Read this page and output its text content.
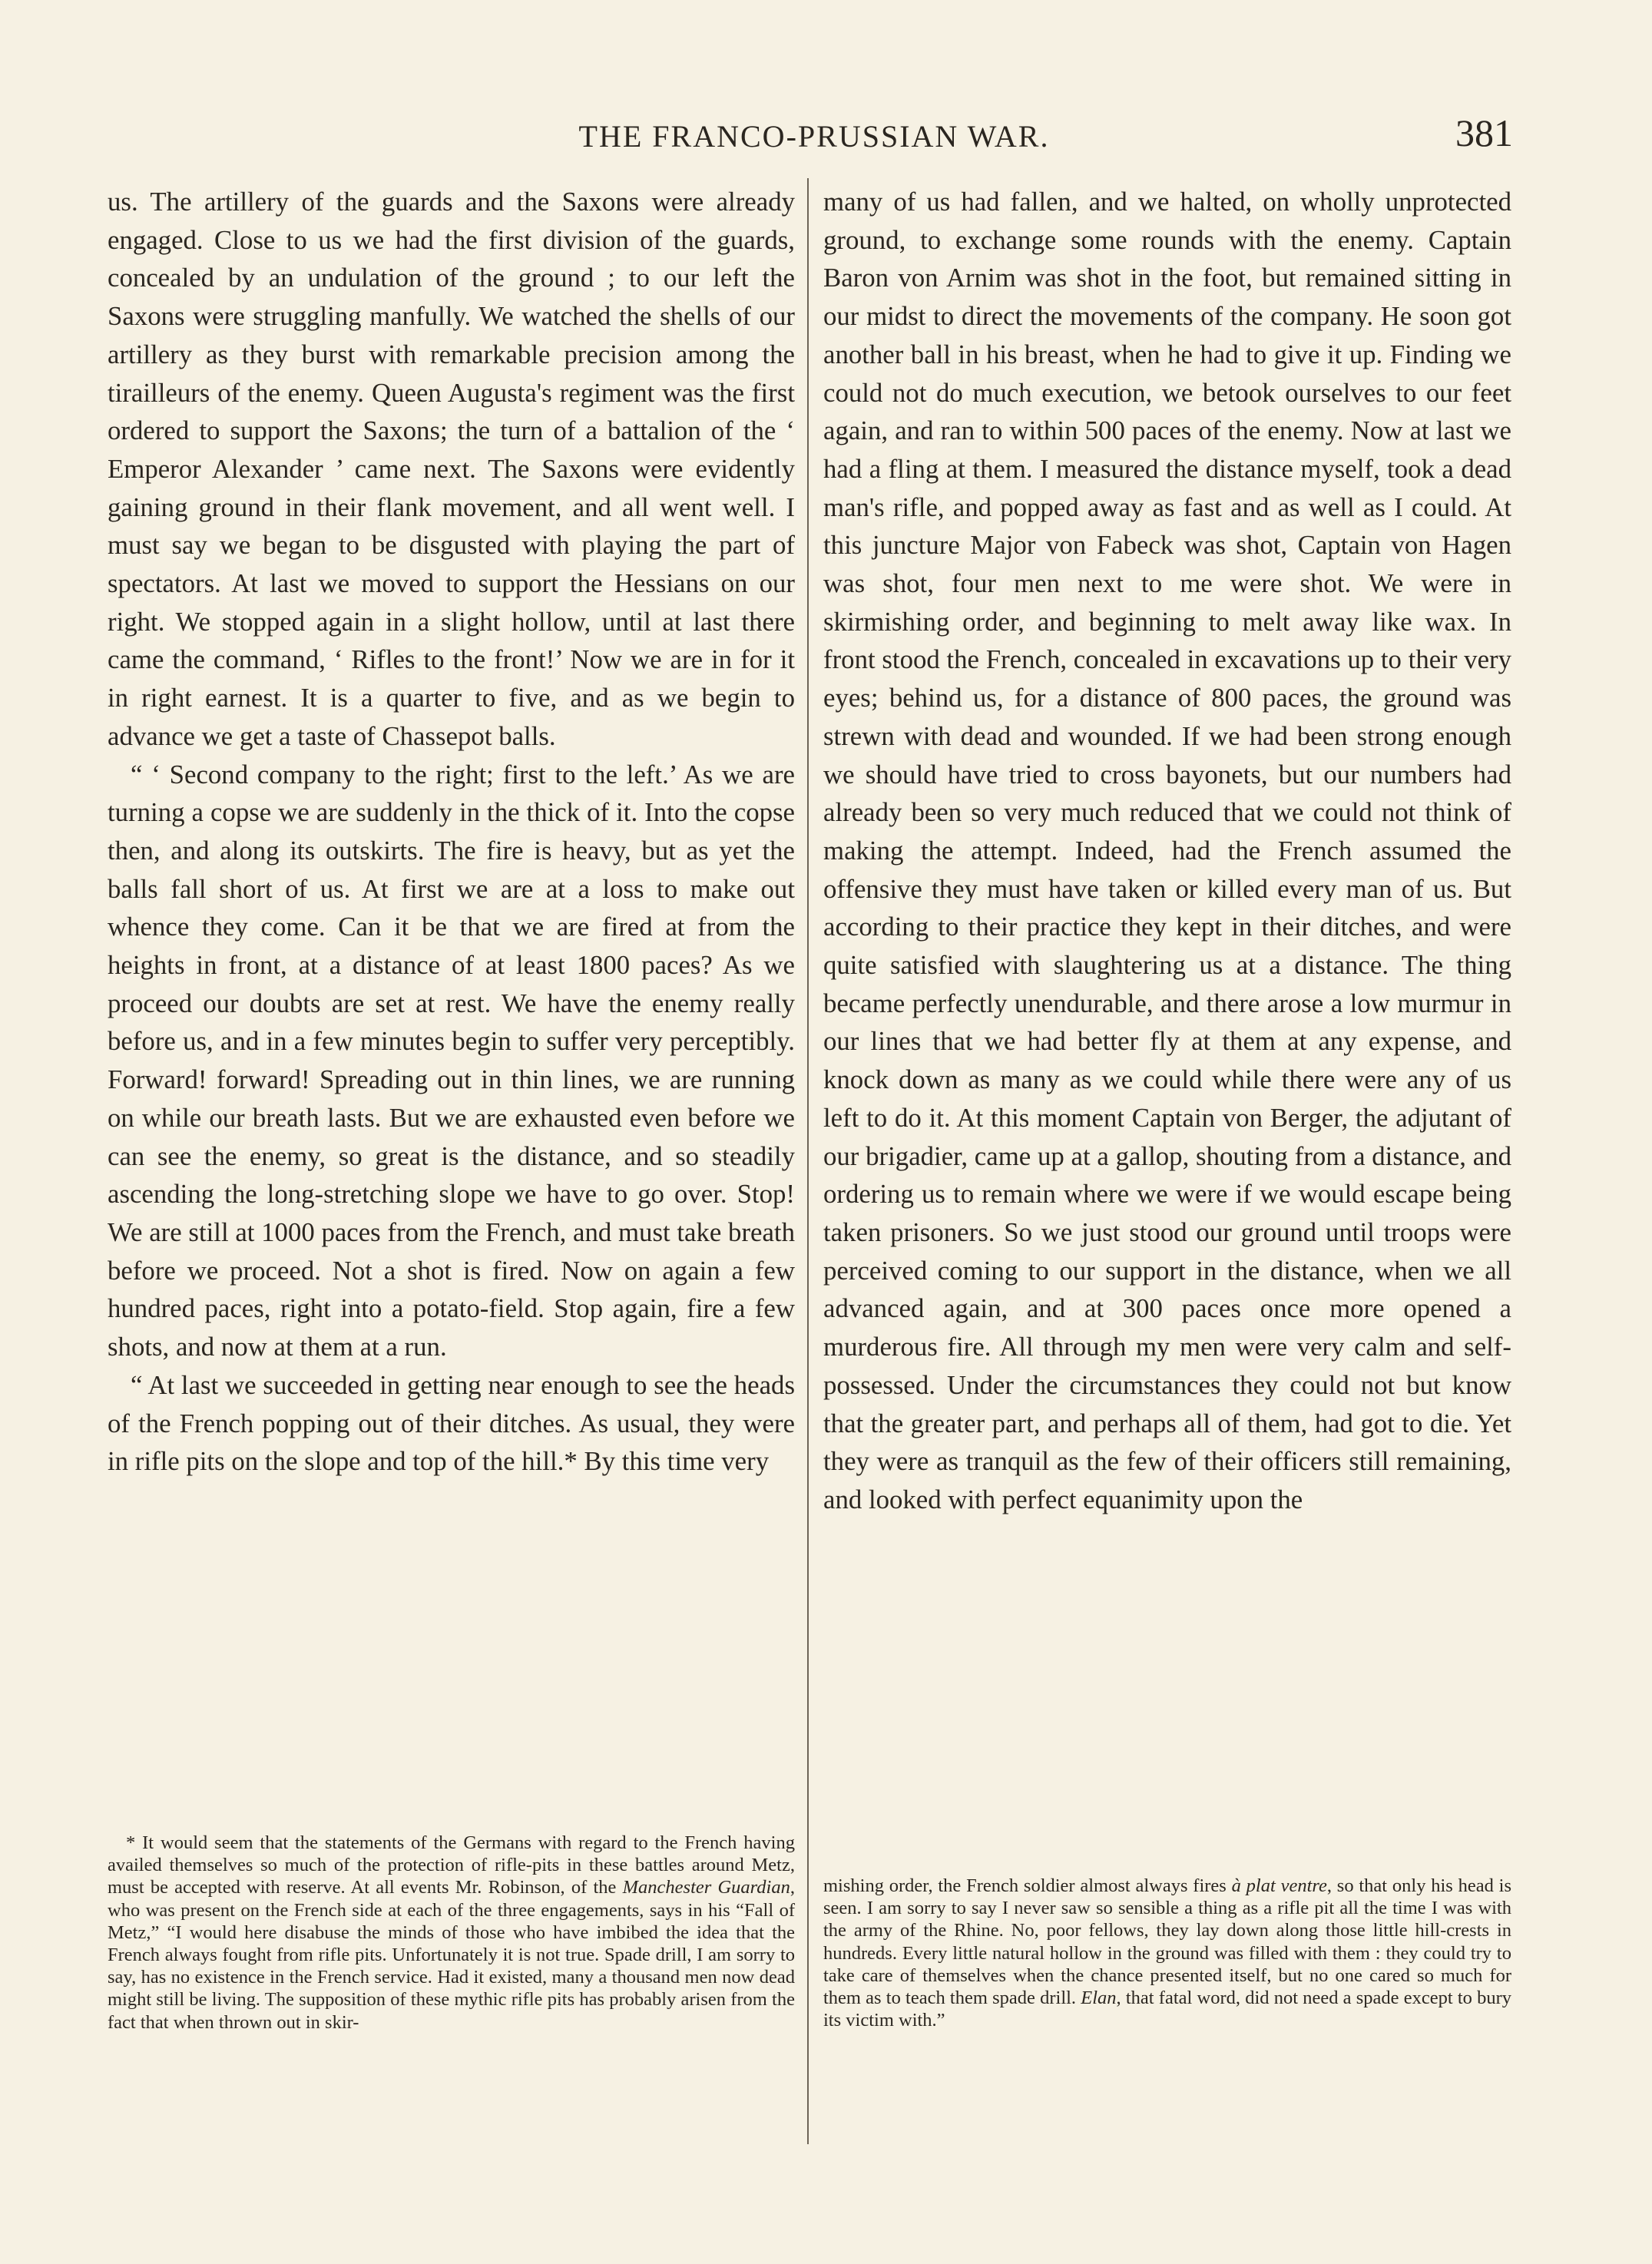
THE FRANCO-PRUSSIAN WAR.	381

us. The artillery of the guards and the Saxons were already engaged. Close to us we had the first division of the guards, concealed by an undulation of the ground ; to our left the Saxons were struggling manfully. We watched the shells of our artillery as they burst with remarkable precision among the tirailleurs of the enemy. Queen Augusta's regiment was the first ordered to support the Saxons; the turn of a battalion of the ‘ Emperor Alexander ’ came next. The Saxons were evidently gaining ground in their flank movement, and all went well. I must say we began to be disgusted with playing the part of spectators. At last we moved to support the Hessians on our right. We stopped again in a slight hollow, until at last there came the command, ‘ Rifles to the front!’ Now we are in for it in right earnest. It is a quarter to five, and as we begin to advance we get a taste of Chassepot balls.

“ ‘ Second company to the right; first to the left.’ As we are turning a copse we are suddenly in the thick of it. Into the copse then, and along its outskirts. The fire is heavy, but as yet the balls fall short of us. At first we are at a loss to make out whence they come. Can it be that we are fired at from the heights in front, at a distance of at least 1800 paces? As we proceed our doubts are set at rest. We have the enemy really before us, and in a few minutes begin to suffer very perceptibly. Forward! forward! Spreading out in thin lines, we are running on while our breath lasts. But we are exhausted even before we can see the enemy, so great is the distance, and so steadily ascending the long-stretching slope we have to go over. Stop! We are still at 1000 paces from the French, and must take breath before we proceed. Not a shot is fired. Now on again a few hundred paces, right into a potato-field. Stop again, fire a few shots, and now at them at a run.

“ At last we succeeded in getting near enough to see the heads of the French popping out of their ditches. As usual, they were in rifle pits on the slope and top of the hill.* By this time very

many of us had fallen, and we halted, on wholly unprotected ground, to exchange some rounds with the enemy. Captain Baron von Arnim was shot in the foot, but remained sitting in our midst to direct the movements of the company. He soon got another ball in his breast, when he had to give it up. Finding we could not do much execution, we betook ourselves to our feet again, and ran to within 500 paces of the enemy. Now at last we had a fling at them. I measured the distance myself, took a dead man's rifle, and popped away as fast and as well as I could. At this juncture Major von Fabeck was shot, Captain von Hagen was shot, four men next to me were shot. We were in skirmishing order, and beginning to melt away like wax. In front stood the French, concealed in excavations up to their very eyes; behind us, for a distance of 800 paces, the ground was strewn with dead and wounded. If we had been strong enough we should have tried to cross bayonets, but our numbers had already been so very much reduced that we could not think of making the attempt. Indeed, had the French assumed the offensive they must have taken or killed every man of us. But according to their practice they kept in their ditches, and were quite satisfied with slaughtering us at a distance. The thing became perfectly unendurable, and there arose a low murmur in our lines that we had better fly at them at any expense, and knock down as many as we could while there were any of us left to do it. At this moment Captain von Berger, the adjutant of our brigadier, came up at a gallop, shouting from a distance, and ordering us to remain where we were if we would escape being taken prisoners. So we just stood our ground until troops were perceived coming to our support in the distance, when we all advanced again, and at 300 paces once more opened a murderous fire. All through my men were very calm and self-possessed. Under the circumstances they could not but know that the greater part, and perhaps all of them, had got to die. Yet they were as tranquil as the few of their officers still remaining, and looked with perfect equanimity upon the

* It would seem that the statements of the Germans with regard to the French having availed themselves so much of the protection of rifle-pits in these battles around Metz, must be accepted with reserve. At all events Mr. Robinson, of the Manchester Guardian, who was present on the French side at each of the three engagements, says in his “Fall of Metz,” “I would here disabuse the minds of those who have imbibed the idea that the French always fought from rifle pits. Unfortunately it is not true. Spade drill, I am sorry to say, has no existence in the French service. Had it existed, many a thousand men now dead might still be living. The supposition of these mythic rifle pits has probably arisen from the fact that when thrown out in skir-
mishing order, the French soldier almost always fires à plat ventre, so that only his head is seen. I am sorry to say I never saw so sensible a thing as a rifle pit all the time I was with the army of the Rhine. No, poor fellows, they lay down along those little hill-crests in hundreds. Every little natural hollow in the ground was filled with them : they could try to take care of themselves when the chance presented itself, but no one cared so much for them as to teach them spade drill. Elan, that fatal word, did not need a spade except to bury its victim with.”
